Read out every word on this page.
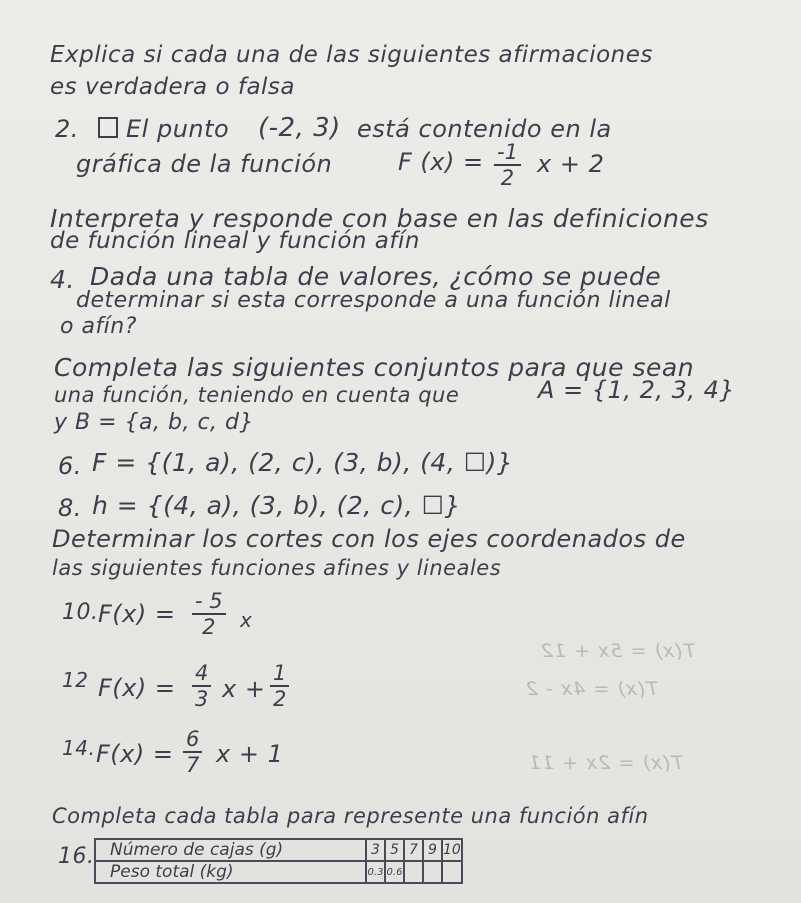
T(x) = 5x + 12
T(x) = 4x - 2
T(x) = 2x + 11
Explica si cada una de las siguientes afirmaciones
es verdadera o falsa
2. El punto (-2, 3) está contenido en la
gráfica de la función	F (x) = -1
2
x + 2
Interpreta y responde con base en las definiciones
de función lineal y función afín
4. Dada una tabla de valores, ¿cómo se puede
determinar si esta corresponde a una función lineal
o afín?
Completa las siguientes conjuntos para que sean
una función, teniendo en cuenta que	A = {1, 2, 3, 4}
y B = {a, b, c, d}
6. F = {(1, a), (2, c), (3, b), (4, ☐)}
8. h = {(4, a), (3, b), (2, c), ☐}
Determinar los cortes con los ejes coordenados de
las siguientes funciones afines y lineales
10. F(x) = - 5
2 x
12 F(x) =
4
3 x +
1
2
14. F(x) =
6
7 x + 1
Completa cada tabla para represente una función afín
16. Número de cajas (g)	3	5	7	9	10
Peso total (kg)	0.3	0.6			
